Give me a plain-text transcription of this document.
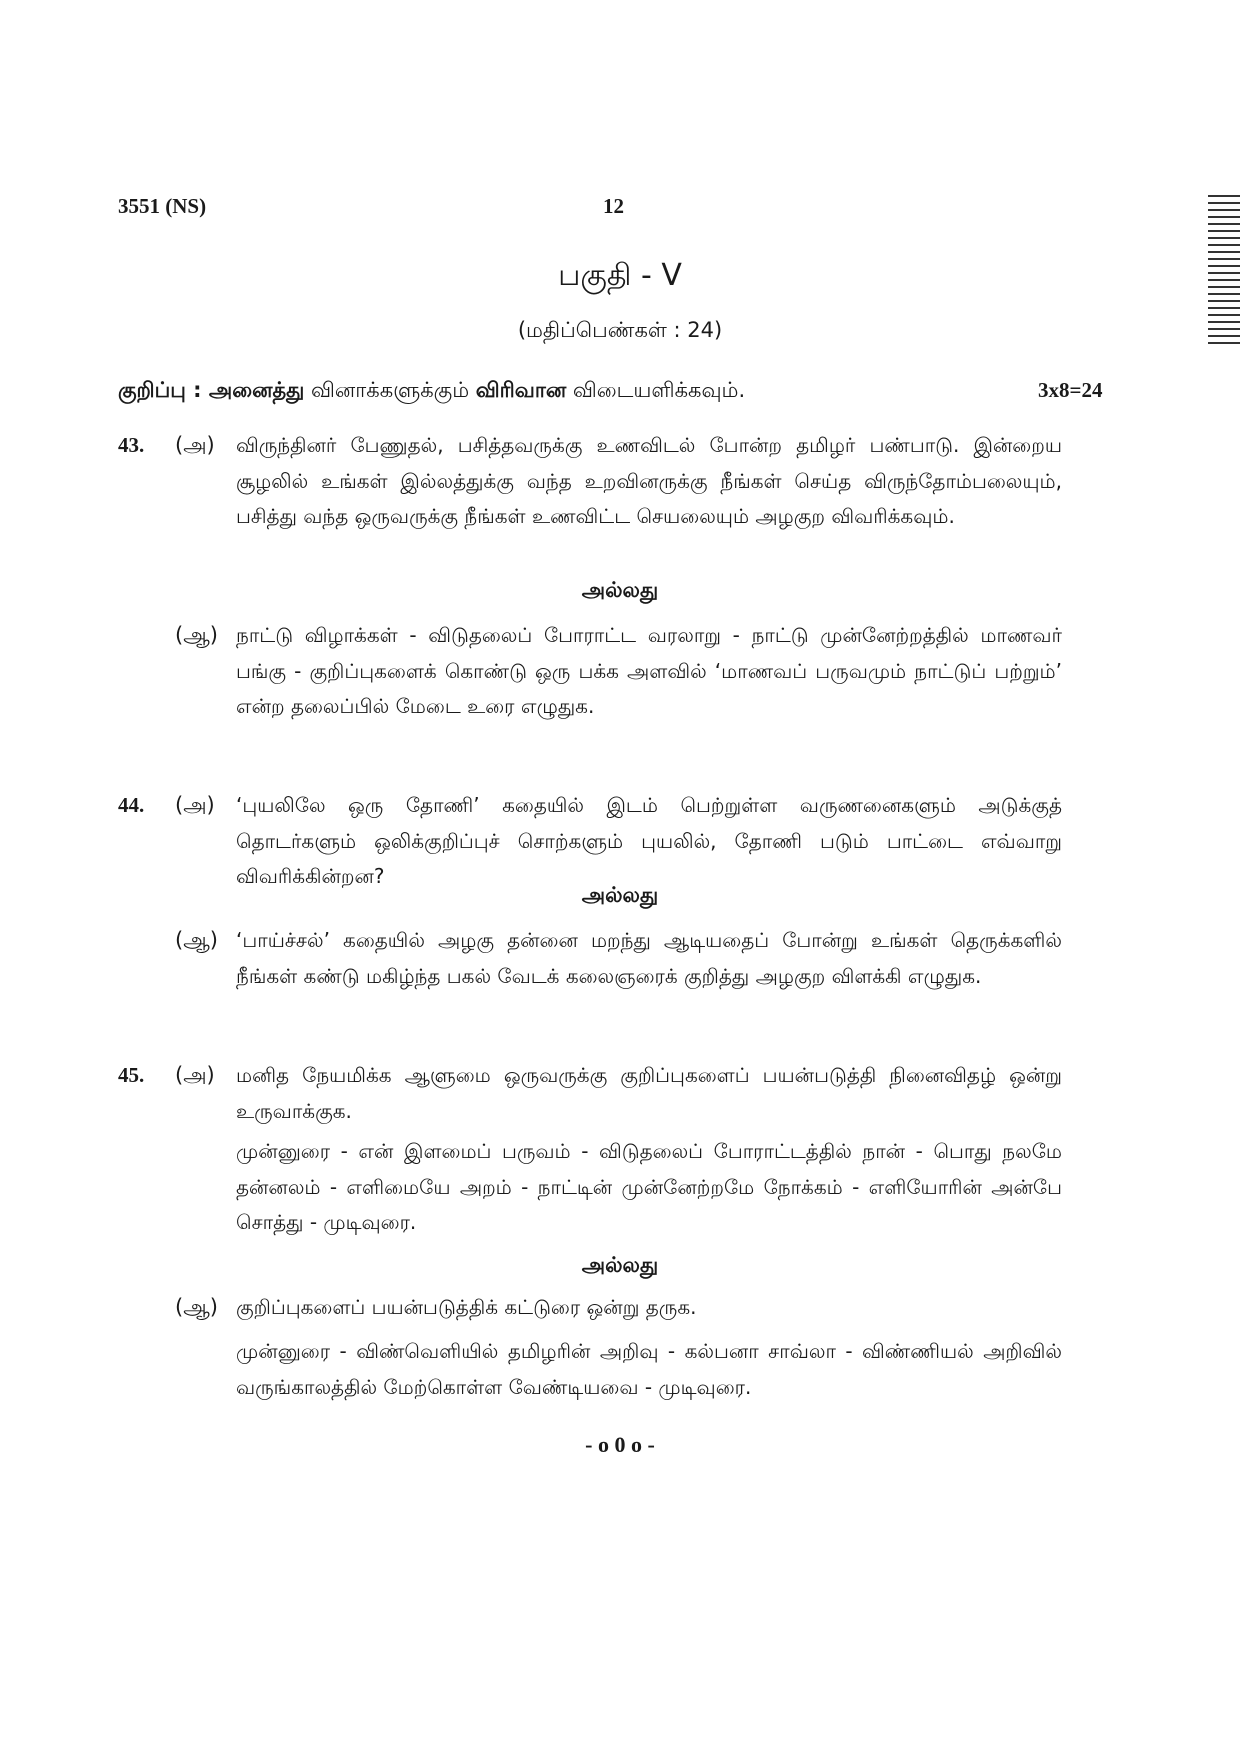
3551 (NS)	12
பகுதி - V
(மதிப்பெண்கள் : 24)
குறிப்பு : அனைத்து வினாக்களுக்கும் விரிவான விடையளிக்கவும்.	3x8=24
43. (அ) விருந்தினர் பேணுதல், பசித்தவருக்கு உணவிடல் போன்ற தமிழர் பண்பாடு. இன்றைய சூழலில் உங்கள் இல்லத்துக்கு வந்த உறவினருக்கு நீங்கள் செய்த விருந்தோம்பலையும், பசித்து வந்த ஒருவருக்கு நீங்கள் உணவிட்ட செயலையும் அழகுற விவரிக்கவும்.

அல்லது
(ஆ) நாட்டு விழாக்கள் - விடுதலைப் போராட்ட வரலாறு - நாட்டு முன்னேற்றத்தில் மாணவர் பங்கு - குறிப்புகளைக் கொண்டு ஒரு பக்க அளவில் ‘மாணவப் பருவமும் நாட்டுப் பற்றும்’ என்ற தலைப்பில் மேடை உரை எழுதுக.

44. (அ) ‘புயலிலே ஒரு தோணி’ கதையில் இடம் பெற்றுள்ள வருணனைகளும் அடுக்குத் தொடர்களும் ஒலிக்குறிப்புச் சொற்களும் புயலில், தோணி படும் பாட்டை எவ்வாறு விவரிக்கின்றன?

அல்லது
(ஆ) ‘பாய்ச்சல்’ கதையில் அழகு தன்னை மறந்து ஆடியதைப் போன்று உங்கள் தெருக்களில் நீங்கள் கண்டு மகிழ்ந்த பகல் வேடக் கலைஞரைக் குறித்து அழகுற விளக்கி எழுதுக.

45. (அ) மனித நேயமிக்க ஆளுமை ஒருவருக்கு குறிப்புகளைப் பயன்படுத்தி நினைவிதழ் ஒன்று உருவாக்குக.

முன்னுரை - என் இளமைப் பருவம் - விடுதலைப் போராட்டத்தில் நான் - பொது நலமே தன்னலம் - எளிமையே அறம் - நாட்டின் முன்னேற்றமே நோக்கம் - எளியோரின் அன்பே சொத்து - முடிவுரை.

அல்லது
(ஆ) குறிப்புகளைப் பயன்படுத்திக் கட்டுரை ஒன்று தருக.

முன்னுரை - விண்வெளியில் தமிழரின் அறிவு - கல்பனா சாவ்லா - விண்ணியல் அறிவில் வருங்காலத்தில் மேற்கொள்ள வேண்டியவை - முடிவுரை.

- o 0 o -
